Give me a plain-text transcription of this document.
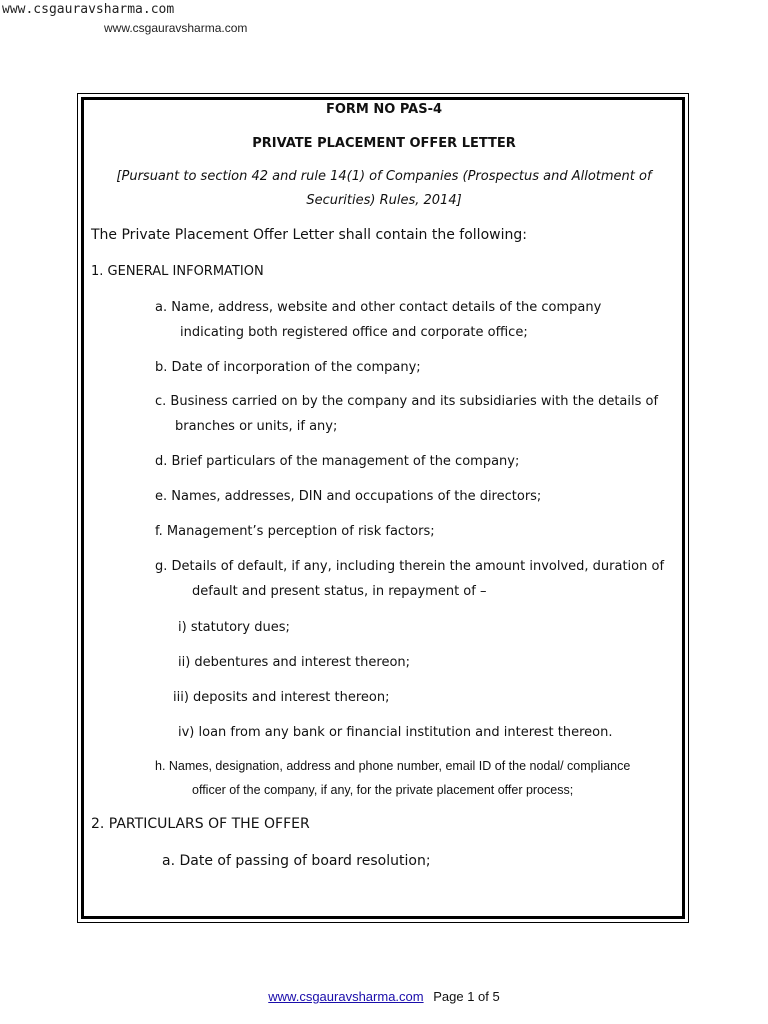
www.csgauravsharma.com
www.csgauravsharma.com
FORM NO PAS-4
PRIVATE PLACEMENT OFFER LETTER
[Pursuant to section 42 and rule 14(1) of Companies (Prospectus and Allotment of
Securities) Rules, 2014]
The Private Placement Offer Letter shall contain the following:
1. GENERAL INFORMATION
a. Name, address, website and other contact details of the company
indicating both registered office and corporate office;
b. Date of incorporation of the company;
c. Business carried on by the company and its subsidiaries with the details of
branches or units, if any;
d. Brief particulars of the management of the company;
e. Names, addresses, DIN and occupations of the directors;
f. Management’s perception of risk factors;
g. Details of default, if any, including therein the amount involved, duration of
default and present status, in repayment of –
i) statutory dues;
ii) debentures and interest thereon;
iii) deposits and interest thereon;
iv) loan from any bank or financial institution and interest thereon.
h. Names, designation, address and phone number, email ID of the nodal/ compliance
officer of the company, if any, for the private placement offer process;
2. PARTICULARS OF THE OFFER
a. Date of passing of board resolution;
www.csgauravsharma.com Page 1 of 5
